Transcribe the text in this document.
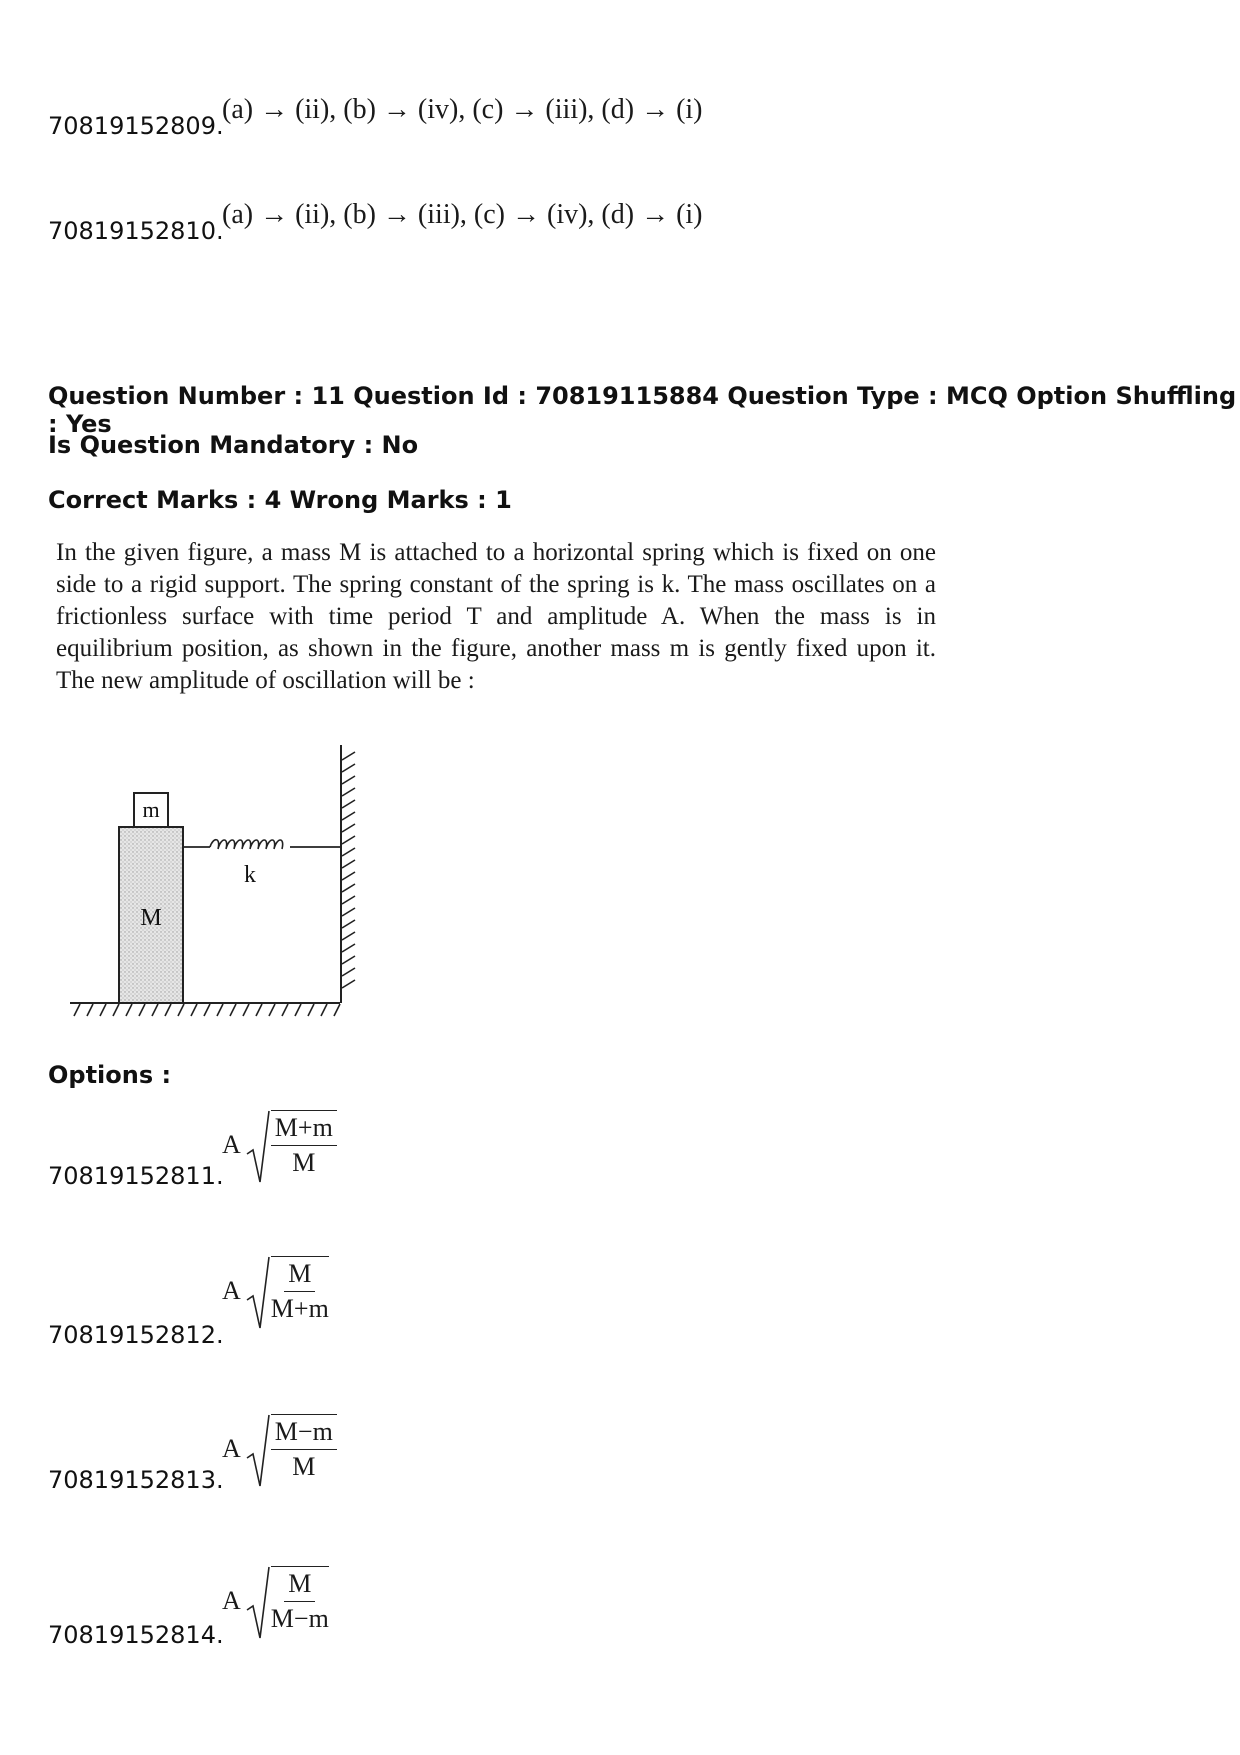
70819152809.
(a) → (ii), (b) → (iv), (c) → (iii), (d) → (i)
70819152810.
(a) → (ii), (b) → (iii), (c) → (iv), (d) → (i)
Question Number : 11 Question Id : 70819115884 Question Type : MCQ Option Shuffling : Yes
Is Question Mandatory : No
Correct Marks : 4 Wrong Marks : 1
In the given figure, a mass M is attached to a horizontal spring which is fixed on one side to a rigid support. The spring constant of the spring is k. The mass oscillates on a frictionless surface with time period T and amplitude A. When the mass is in equilibrium position, as shown in the figure, another mass m is gently fixed upon it. The new amplitude of oscillation will be :
M
m
k
Options :
70819152811.
A $\frac{M+m}{M}$
70819152812.
A $\frac{M}{M+m}$
70819152813.
A $\frac{M-m}{M}$
70819152814.
A $\frac{M}{M-m}$
